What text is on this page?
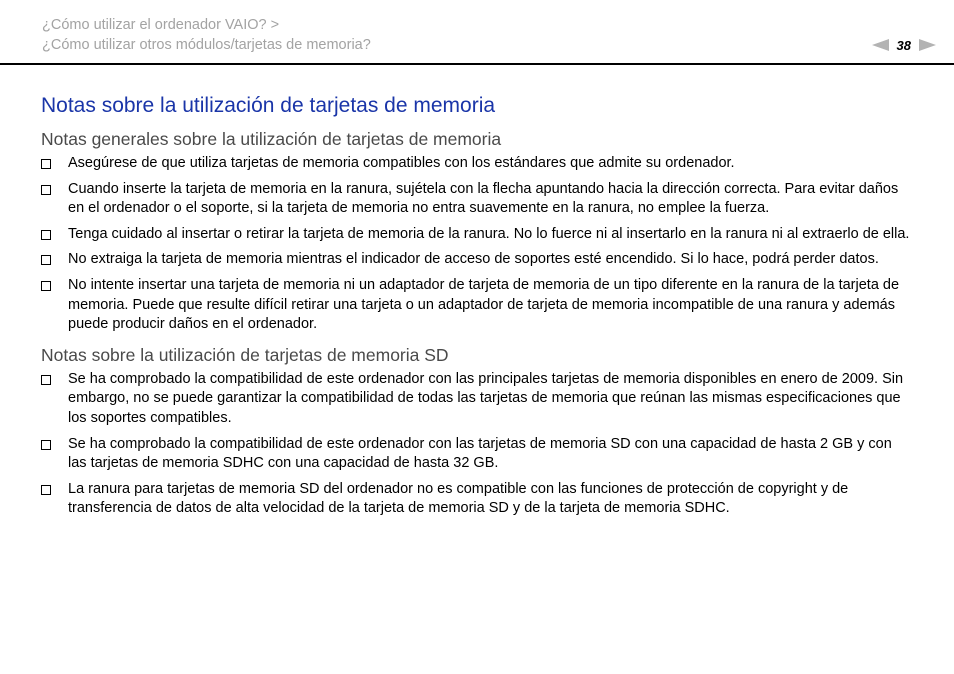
¿Cómo utilizar el ordenador VAIO? >
¿Cómo utilizar otros módulos/tarjetas de memoria?	38
Notas sobre la utilización de tarjetas de memoria
Notas generales sobre la utilización de tarjetas de memoria
Asegúrese de que utiliza tarjetas de memoria compatibles con los estándares que admite su ordenador.
Cuando inserte la tarjeta de memoria en la ranura, sujétela con la flecha apuntando hacia la dirección correcta. Para evitar daños en el ordenador o el soporte, si la tarjeta de memoria no entra suavemente en la ranura, no emplee la fuerza.
Tenga cuidado al insertar o retirar la tarjeta de memoria de la ranura. No lo fuerce ni al insertarlo en la ranura ni al extraerlo de ella.
No extraiga la tarjeta de memoria mientras el indicador de acceso de soportes esté encendido. Si lo hace, podrá perder datos.
No intente insertar una tarjeta de memoria ni un adaptador de tarjeta de memoria de un tipo diferente en la ranura de la tarjeta de memoria. Puede que resulte difícil retirar una tarjeta o un adaptador de tarjeta de memoria incompatible de una ranura y además puede producir daños en el ordenador.
Notas sobre la utilización de tarjetas de memoria SD
Se ha comprobado la compatibilidad de este ordenador con las principales tarjetas de memoria disponibles en enero de 2009. Sin embargo, no se puede garantizar la compatibilidad de todas las tarjetas de memoria que reúnan las mismas especificaciones que los soportes compatibles.
Se ha comprobado la compatibilidad de este ordenador con las tarjetas de memoria SD con una capacidad de hasta 2 GB y con las tarjetas de memoria SDHC con una capacidad de hasta 32 GB.
La ranura para tarjetas de memoria SD del ordenador no es compatible con las funciones de protección de copyright y de transferencia de datos de alta velocidad de la tarjeta de memoria SD y de la tarjeta de memoria SDHC.
